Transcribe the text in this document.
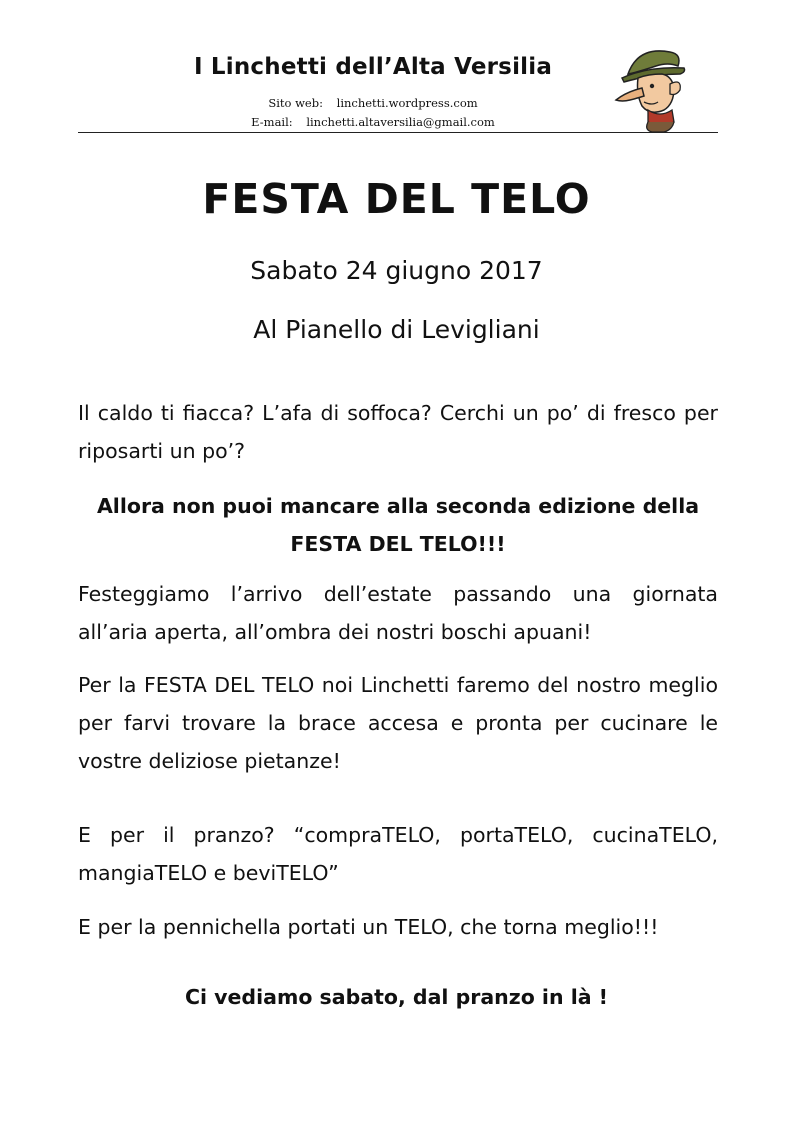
I Linchetti dell’Alta Versilia
Sito web: linchetti.wordpress.com
E-mail: linchetti.altaversilia@gmail.com
FESTA DEL TELO
Sabato 24 giugno 2017
Al Pianello di Levigliani
Il caldo ti fiacca? L’afa di soffoca? Cerchi un po’ di fresco per riposarti un po’?
Allora non puoi mancare alla seconda edizione della
FESTA DEL TELO!!!
Festeggiamo l’arrivo dell’estate passando una giornata all’aria aperta, all’ombra dei nostri boschi apuani!
Per la FESTA DEL TELO noi Linchetti faremo del nostro meglio per farvi trovare la brace accesa e pronta per cucinare le vostre deliziose pietanze!
E per il pranzo? “compraTELO, portaTELO, cucinaTELO, mangiaTELO e beviTELO”
E per la pennichella portati un TELO, che torna meglio!!!
Ci vediamo sabato, dal pranzo in là !
